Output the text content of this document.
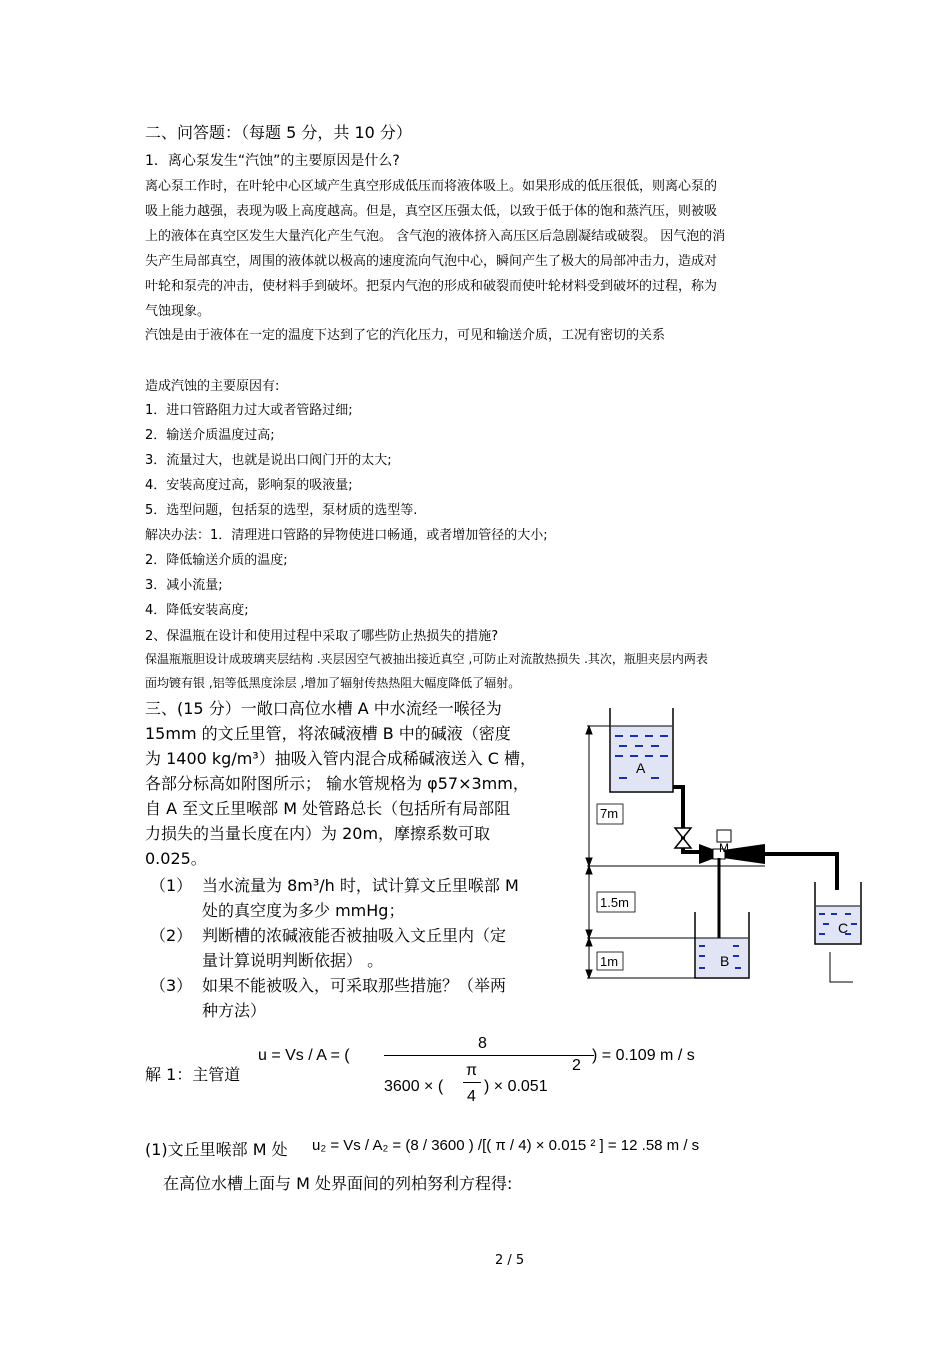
二、问答题：（每题 5 分，共 10 分）
1．离心泵发生“汽蚀”的主要原因是什么?
离心泵工作时，在叶轮中心区域产生真空形成低压而将液体吸上。如果形成的低压很低，则离心泵的
吸上能力越强，表现为吸上高度越高。但是，真空区压强太低，以致于低于体的饱和蒸汽压，则被吸
上的液体在真空区发生大量汽化产生气泡。 含气泡的液体挤入高压区后急剧凝结或破裂。 因气泡的消
失产生局部真空，周围的液体就以极高的速度流向气泡中心，瞬间产生了极大的局部冲击力，造成对
叶轮和泵壳的冲击，使材料手到破坏。把泵内气泡的形成和破裂而使叶轮材料受到破坏的过程，称为
气蚀现象。
汽蚀是由于液体在一定的温度下达到了它的汽化压力，可见和输送介质，工况有密切的关系
造成汽蚀的主要原因有:
1．进口管路阻力过大或者管路过细;
2．输送介质温度过高;
3．流量过大，也就是说出口阀门开的太大;
4．安装高度过高，影响泵的吸液量;
5．选型问题，包括泵的选型，泵材质的选型等.
解决办法：1．清理进口管路的异物使进口畅通，或者增加管径的大小;
2．降低输送介质的温度;
3．减小流量;
4．降低安装高度;
2、保温瓶在设计和使用过程中采取了哪些防止热损失的措施?
保温瓶瓶胆设计成玻璃夹层结构 .夹层因空气被抽出接近真空 ,可防止对流散热损失 .其次，瓶胆夹层内两表
面均镀有银 ,铝等低黑度涂层 ,增加了辐射传热热阻大幅度降低了辐射。
三、(15 分）一敞口高位水槽 A 中水流经一喉径为
15mm 的文丘里管，将浓碱液槽 B 中的碱液（密度
为 1400 kg/m³）抽吸入管内混合成稀碱液送入 C 槽，
各部分标高如附图所示； 输水管规格为 φ57×3mm，
自 A 至文丘里喉部 M 处管路总长（包括所有局部阻
力损失的当量长度在内）为 20m，摩擦系数可取
0.025。
（1） 当水流量为 8m³/h 时，试计算文丘里喉部 M
处的真空度为多少 mmHg；
（2） 判断槽的浓碱液能否被抽吸入文丘里内（定
量计算说明判断依据） 。
（3） 如果不能被吸入，可采取那些措施？（举两
种方法）
A
M
B
C
7m
1.5m
1m
解 1：主管道
u = Vs / A = (
8
2
) = 0.109 m / s
3600 × (
π
4
) × 0.051
(1)文丘里喉部 M 处 u₂ = Vs / A₂ = (8 / 3600 ) /[( π / 4) × 0.015 ² ] = 12 .58 m / s
在高位水槽上面与 M 处界面间的列柏努利方程得:
2 / 5
